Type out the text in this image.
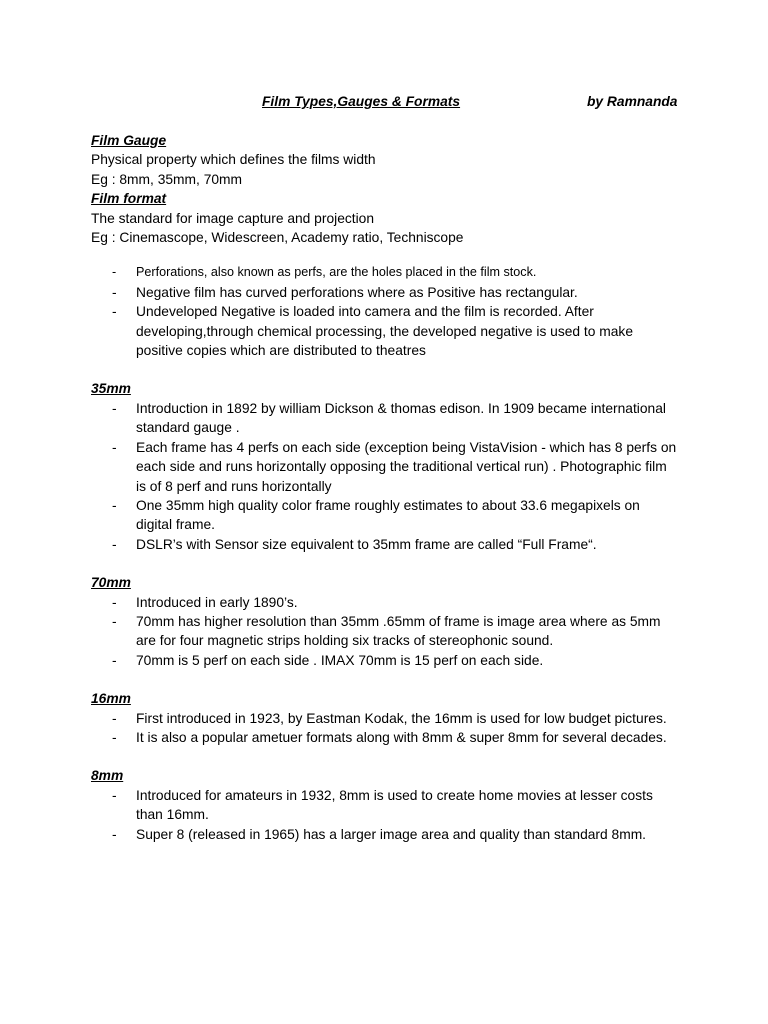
Film Types,Gauges & Formats	by Ramnanda

Film Gauge

Physical property which defines the films width

Eg : 8mm, 35mm, 70mm

Film format

The standard for image capture and projection

Eg : Cinemascope, Widescreen, Academy ratio, Techniscope

- Perforations, also known as perfs, are the holes placed in the film stock.
- Negative film has curved perforations where as Positive has rectangular.
- Undeveloped Negative is loaded into camera and the film is recorded. After
developing,through chemical processing, the developed negative is used to make
positive copies which are distributed to theatres

35mm

- Introduction in 1892 by william Dickson & thomas edison. In 1909 became international
standard gauge .
- Each frame has 4 perfs on each side (exception being VistaVision - which has 8 perfs on
each side and runs horizontally opposing the traditional vertical run) . Photographic film
is of 8 perf and runs horizontally
- One 35mm high quality color frame roughly estimates to about 33.6 megapixels on
digital frame.
- DSLR’s with Sensor size equivalent to 35mm frame are called “Full Frame“.

70mm

- Introduced in early 1890’s.
- 70mm has higher resolution than 35mm .65mm of frame is image area where as 5mm
are for four magnetic strips holding six tracks of stereophonic sound.
- 70mm is 5 perf on each side . IMAX 70mm is 15 perf on each side.

16mm

- First introduced in 1923, by Eastman Kodak, the 16mm is used for low budget pictures.
- It is also a popular ametuer formats along with 8mm & super 8mm for several decades.

8mm

- Introduced for amateurs in 1932, 8mm is used to create home movies at lesser costs
than 16mm.
- Super 8 (released in 1965) has a larger image area and quality than standard 8mm.
